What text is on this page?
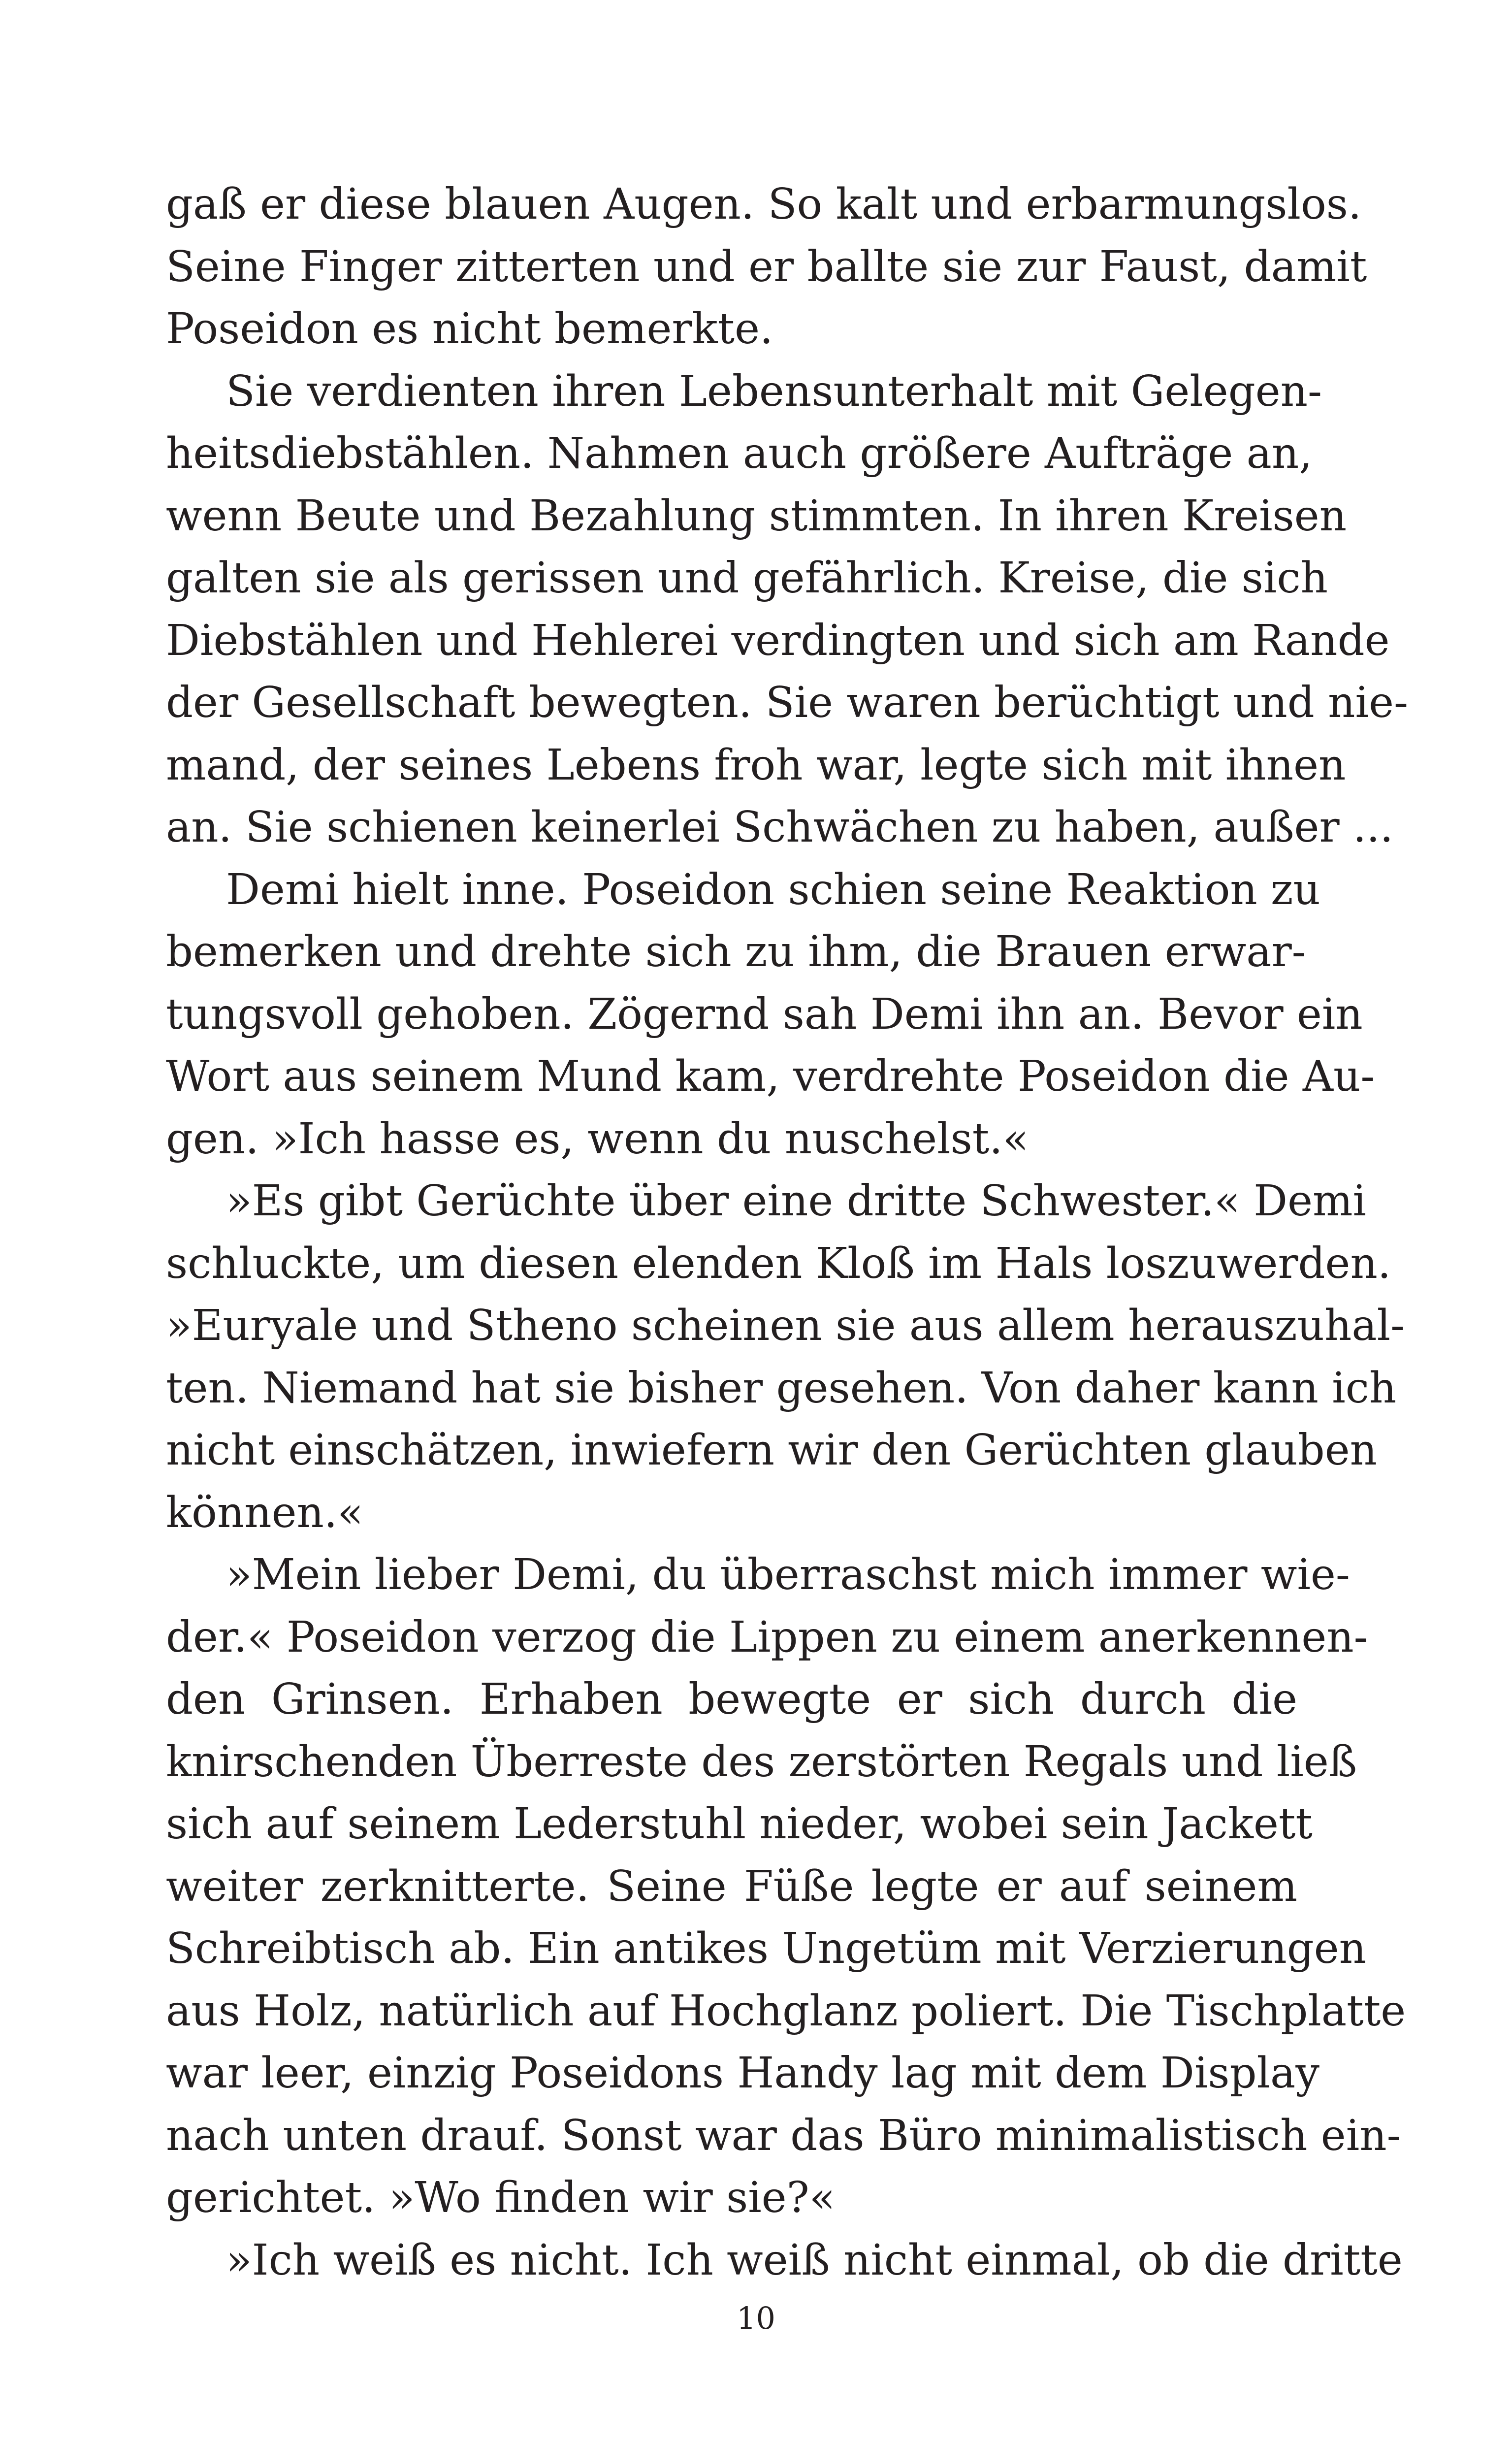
gaß er diese blauen Augen. So kalt und erbarmungslos.
Seine Finger zitterten und er ballte sie zur Faust, damit
Poseidon es nicht bemerkte.
Sie verdienten ihren Lebensunterhalt mit Gelegen-
heitsdiebstählen. Nahmen auch größere Aufträge an,
wenn Beute und Bezahlung stimmten. In ihren Kreisen
galten sie als gerissen und gefährlich. Kreise, die sich
Diebstählen und Hehlerei verdingten und sich am Rande
der Gesellschaft bewegten. Sie waren berüchtigt und nie-
mand, der seines Lebens froh war, legte sich mit ihnen
an. Sie schienen keinerlei Schwächen zu haben, außer ...
Demi hielt inne. Poseidon schien seine Reaktion zu
bemerken und drehte sich zu ihm, die Brauen erwar-
tungsvoll gehoben. Zögernd sah Demi ihn an. Bevor ein
Wort aus seinem Mund kam, verdrehte Poseidon die Au-
gen. »Ich hasse es, wenn du nuschelst.«
»Es gibt Gerüchte über eine dritte Schwester.« Demi
schluckte, um diesen elenden Kloß im Hals loszuwerden.
»Euryale und Stheno scheinen sie aus allem herauszuhal-
ten. Niemand hat sie bisher gesehen. Von daher kann ich
nicht einschätzen, inwiefern wir den Gerüchten glauben
können.«
»Mein lieber Demi, du überraschst mich immer wie-
der.« Poseidon verzog die Lippen zu einem anerkennen-
den Grinsen. Erhaben bewegte er sich durch die
knirschenden Überreste des zerstörten Regals und ließ
sich auf seinem Lederstuhl nieder, wobei sein Jackett
weiter zerknitterte. Seine Füße legte er auf seinem
Schreibtisch ab. Ein antikes Ungetüm mit Verzierungen
aus Holz, natürlich auf Hochglanz poliert. Die Tischplatte
war leer, einzig Poseidons Handy lag mit dem Display
nach unten drauf. Sonst war das Büro minimalistisch ein-
gerichtet. »Wo finden wir sie?«
»Ich weiß es nicht. Ich weiß nicht einmal, ob die dritte
10
